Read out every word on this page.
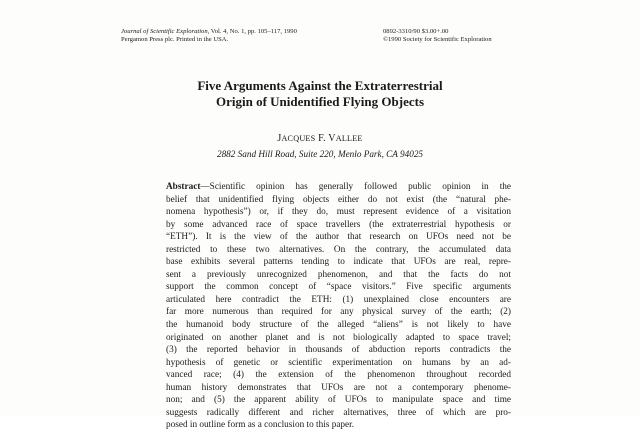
Journal of Scientific Exploration, Vol. 4, No. 1, pp. 105–117, 1990
Pergamon Press plc. Printed in the USA.
0892-3310/90 $3.00+.00
©1990 Society for Scientific Exploration
Five Arguments Against the Extraterrestrial
Origin of Unidentified Flying Objects
JACQUES F. VALLEE
2882 Sand Hill Road, Suite 220, Menlo Park, CA 94025
Abstract—Scientific opinion has generally followed public opinion in the
belief that unidentified flying objects either do not exist (the “natural phe-
nomena hypothesis”) or, if they do, must represent evidence of a visitation
by some advanced race of space travellers (the extraterrestrial hypothesis or
“ETH”). It is the view of the author that research on UFOs need not be
restricted to these two alternatives. On the contrary, the accumulated data
base exhibits several patterns tending to indicate that UFOs are real, repre-
sent a previously unrecognized phenomenon, and that the facts do not
support the common concept of “space visitors.” Five specific arguments
articulated here contradict the ETH: (1) unexplained close encounters are
far more numerous than required for any physical survey of the earth; (2)
the humanoid body structure of the alleged “aliens” is not likely to have
originated on another planet and is not biologically adapted to space travel;
(3) the reported behavior in thousands of abduction reports contradicts the
hypothesis of genetic or scientific experimentation on humans by an ad-
vanced race; (4) the extension of the phenomenon throughout recorded
human history demonstrates that UFOs are not a contemporary phenome-
non; and (5) the apparent ability of UFOs to manipulate space and time
suggests radically different and richer alternatives, three of which are pro-
posed in outline form as a conclusion to this paper.
